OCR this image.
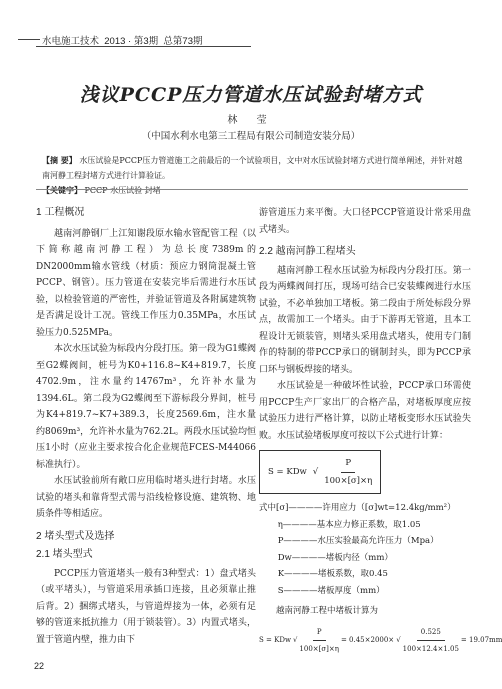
水电施工技术  2013 · 第3期  总第73期
浅议PCCP压力管道水压试验封堵方式
林 莹
（中国水利水电第三工程局有限公司制造安装分局）
【摘 要】 水压试验是PCCP压力管道施工之前最后的一个试验项目，文中对水压试验封堵方式进行简单阐述，并针对越南河静工程封堵方式进行计算验证。
【关键字】 PCCP 水压试验 封堵
1 工程概况

越南河静钢厂上江知谢段原水输水管配管工程（以下简称越南河静工程）为总长度7389m的DN2000mm输水管线（材质：预应力钢筒混凝土管PCCP、钢管）。压力管道在安装完毕后需进行水压试验，以检验管道的严密性，并验证管道及各附属建筑物是否满足设计工况。管线工作压力0.35MPa，水压试验压力0.525MPa。

本次水压试验为标段内分段打压。第一段为G1蝶阀至G2蝶阀间，桩号为K0+116.8~K4+819.7，长度4702.9m，注水量约14767m³，允许补水量为1394.6L。第二段为G2蝶阀至下游标段分界间，桩号为K4+819.7~K7+389.3，长度2569.6m，注水量约8069m³，允许补水量为762.2L。两段水压试验均恒压1小时（应业主要求按合化企业规范FCES-M44066标准执行）。

水压试验前所有敞口应用临时堵头进行封堵。水压试验的堵头和靠背型式需与沿线检修设施、建筑物、地质条件等相适应。

2 堵头型式及选择
2.1 堵头型式

PCCP压力管道堵头一般有3种型式：1）盘式堵头（或平堵头），与管道采用承插口连接，且必须靠止推后背。2）捆绑式堵头，与管道焊接为一体，必须有足够的管道来抵抗推力（用于锁装管）。3）内置式堵头，置于管道内壁，推力由下

游管道压力来平衡。大口径PCCP管道设计常采用盘式堵头。

2.2 越南河静工程堵头

越南河静工程水压试验为标段内分段打压。第一段为两蝶阀间打压，现场可结合已安装蝶阀进行水压试验，不必单独加工堵板。第二段由于所处标段分界点，故需加工一个堵头。由于下游再无管道，且本工程设计无锁装管，则堵头采用盘式堵头，使用专门制作的特制的带PCCP承口的钢制封头，即为PCCP承口环与钢板焊接的堵头。

水压试验是一种破坏性试验，PCCP承口环需使用PCCP生产厂家出厂的合格产品，对堵板厚度应按试验压力进行严格计算，以防止堵板变形水压试验失败。水压试验堵板厚度可按以下公式进行计算：

S = KDw √ $\frac{P}{100\times[\sigma]\times\eta}$
式中[σ]————许用应力（[σ]wt=12.4kg/mm²）
η————基本应力修正系数，取1.05
P————水压实验最高允许压力（Mpa）
Dw————堵板内径（mm）
K————堵板系数，取0.45
S————堵板厚度（mm）
越南河静工程中堵板计算为
S = KDw √ $\frac{P}{100\times[\sigma]\times\eta} = 0.45\times 2000\times$ √ $\frac{0.525}{100\times 12.4\times 1.05} = 19.07mm$
22
